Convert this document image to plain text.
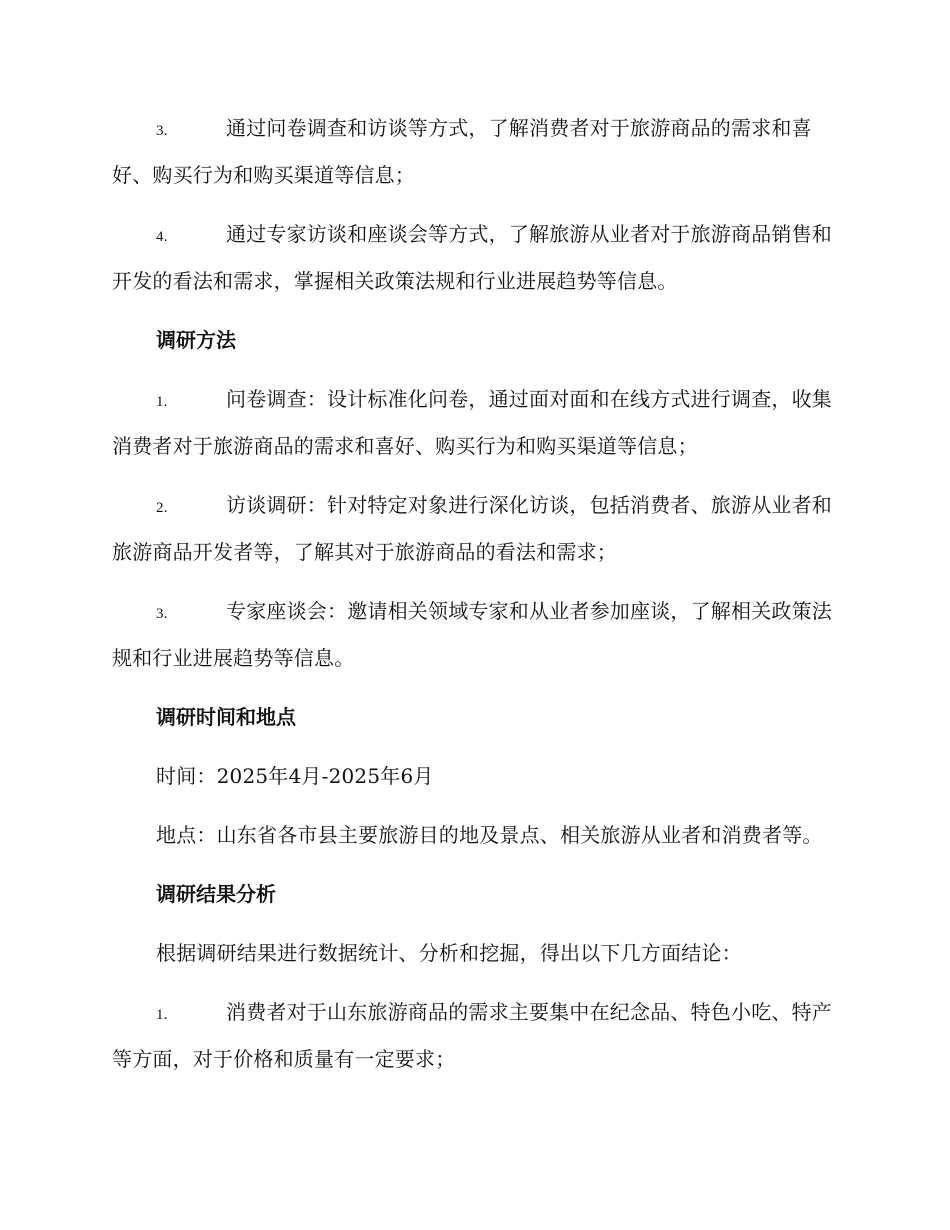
3.	通过问卷调查和访谈等方式，了解消费者对于旅游商品的需求和喜好、购买行为和购买渠道等信息；

4.	通过专家访谈和座谈会等方式，了解旅游从业者对于旅游商品销售和开发的看法和需求，掌握相关政策法规和行业进展趋势等信息。

调研方法

1.	问卷调查：设计标准化问卷，通过面对面和在线方式进行调查，收集消费者对于旅游商品的需求和喜好、购买行为和购买渠道等信息；

2.	访谈调研：针对特定对象进行深化访谈，包括消费者、旅游从业者和旅游商品开发者等，了解其对于旅游商品的看法和需求；

3.	专家座谈会：邀请相关领域专家和从业者参加座谈，了解相关政策法规和行业进展趋势等信息。

调研时间和地点

时间：2025年4月-2025年6月

地点：山东省各市县主要旅游目的地及景点、相关旅游从业者和消费者等。

调研结果分析

根据调研结果进行数据统计、分析和挖掘，得出以下几方面结论：

1.	消费者对于山东旅游商品的需求主要集中在纪念品、特色小吃、特产等方面，对于价格和质量有一定要求；
